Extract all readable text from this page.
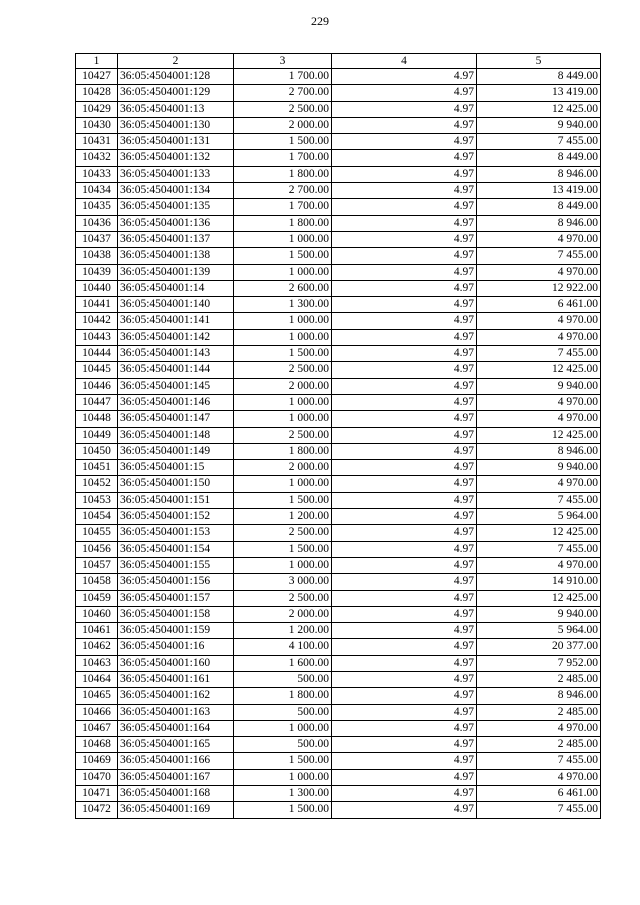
229
1	2	3	4	5
10427	36:05:4504001:128	1 700.00	4.97	8 449.00
10428	36:05:4504001:129	2 700.00	4.97	13 419.00
10429	36:05:4504001:13	2 500.00	4.97	12 425.00
10430	36:05:4504001:130	2 000.00	4.97	9 940.00
10431	36:05:4504001:131	1 500.00	4.97	7 455.00
10432	36:05:4504001:132	1 700.00	4.97	8 449.00
10433	36:05:4504001:133	1 800.00	4.97	8 946.00
10434	36:05:4504001:134	2 700.00	4.97	13 419.00
10435	36:05:4504001:135	1 700.00	4.97	8 449.00
10436	36:05:4504001:136	1 800.00	4.97	8 946.00
10437	36:05:4504001:137	1 000.00	4.97	4 970.00
10438	36:05:4504001:138	1 500.00	4.97	7 455.00
10439	36:05:4504001:139	1 000.00	4.97	4 970.00
10440	36:05:4504001:14	2 600.00	4.97	12 922.00
10441	36:05:4504001:140	1 300.00	4.97	6 461.00
10442	36:05:4504001:141	1 000.00	4.97	4 970.00
10443	36:05:4504001:142	1 000.00	4.97	4 970.00
10444	36:05:4504001:143	1 500.00	4.97	7 455.00
10445	36:05:4504001:144	2 500.00	4.97	12 425.00
10446	36:05:4504001:145	2 000.00	4.97	9 940.00
10447	36:05:4504001:146	1 000.00	4.97	4 970.00
10448	36:05:4504001:147	1 000.00	4.97	4 970.00
10449	36:05:4504001:148	2 500.00	4.97	12 425.00
10450	36:05:4504001:149	1 800.00	4.97	8 946.00
10451	36:05:4504001:15	2 000.00	4.97	9 940.00
10452	36:05:4504001:150	1 000.00	4.97	4 970.00
10453	36:05:4504001:151	1 500.00	4.97	7 455.00
10454	36:05:4504001:152	1 200.00	4.97	5 964.00
10455	36:05:4504001:153	2 500.00	4.97	12 425.00
10456	36:05:4504001:154	1 500.00	4.97	7 455.00
10457	36:05:4504001:155	1 000.00	4.97	4 970.00
10458	36:05:4504001:156	3 000.00	4.97	14 910.00
10459	36:05:4504001:157	2 500.00	4.97	12 425.00
10460	36:05:4504001:158	2 000.00	4.97	9 940.00
10461	36:05:4504001:159	1 200.00	4.97	5 964.00
10462	36:05:4504001:16	4 100.00	4.97	20 377.00
10463	36:05:4504001:160	1 600.00	4.97	7 952.00
10464	36:05:4504001:161	500.00	4.97	2 485.00
10465	36:05:4504001:162	1 800.00	4.97	8 946.00
10466	36:05:4504001:163	500.00	4.97	2 485.00
10467	36:05:4504001:164	1 000.00	4.97	4 970.00
10468	36:05:4504001:165	500.00	4.97	2 485.00
10469	36:05:4504001:166	1 500.00	4.97	7 455.00
10470	36:05:4504001:167	1 000.00	4.97	4 970.00
10471	36:05:4504001:168	1 300.00	4.97	6 461.00
10472	36:05:4504001:169	1 500.00	4.97	7 455.00
